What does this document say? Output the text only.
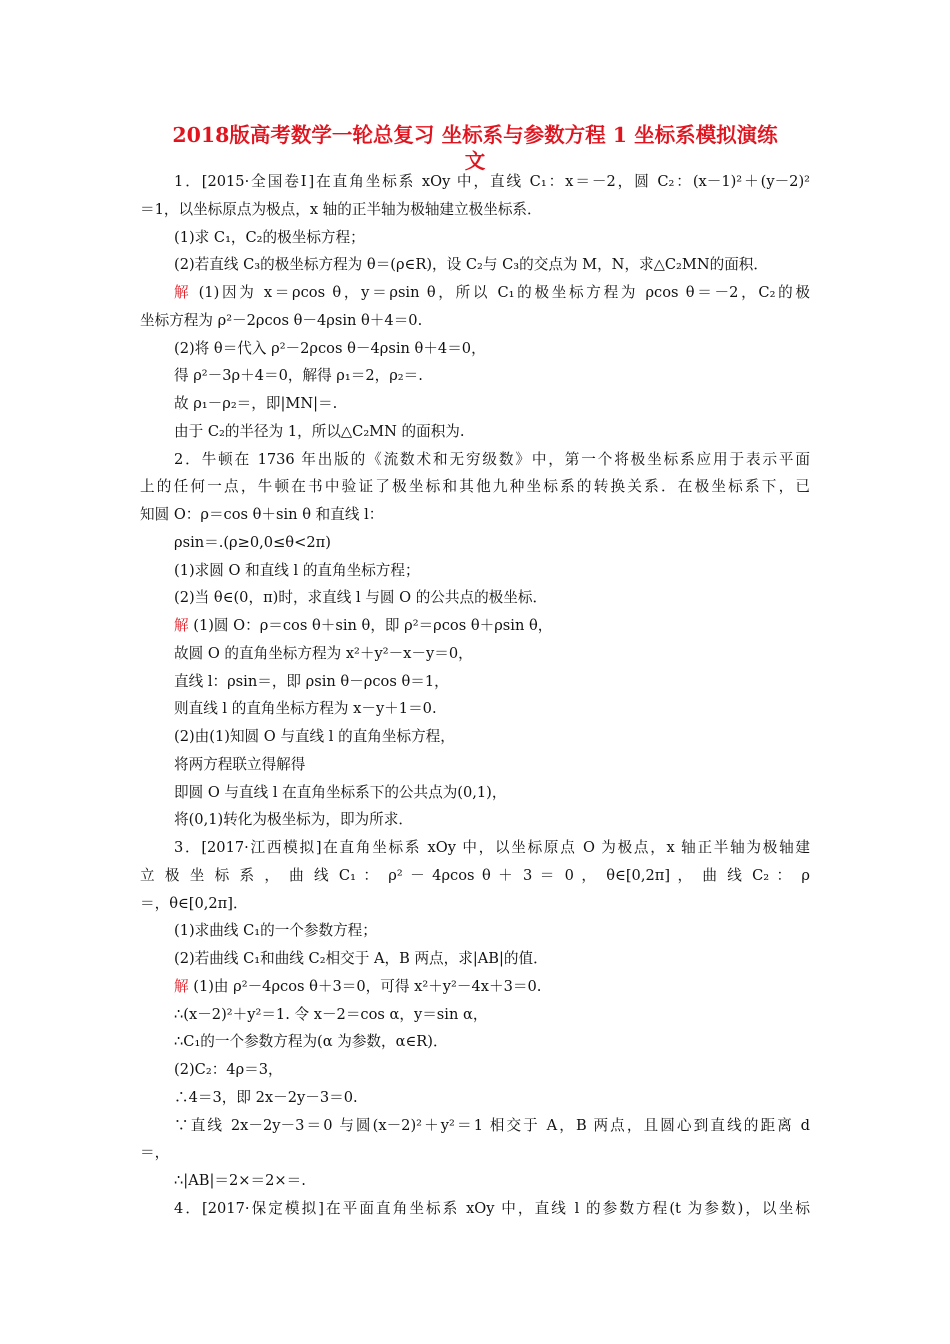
2018版高考数学一轮总复习 坐标系与参数方程 1 坐标系模拟演练
文
1．[2015·全国卷Ⅰ]在直角坐标系 xOy 中，直线 C₁：x＝－2，圆 C₂：(x－1)²＋(y－2)²
＝1，以坐标原点为极点，x 轴的正半轴为极轴建立极坐标系．
(1)求 C₁，C₂的极坐标方程；
(2)若直线 C₃的极坐标方程为 θ＝(ρ∈R)，设 C₂与 C₃的交点为 M，N，求△C₂MN的面积．
解 (1)因为 x＝ρcos θ，y＝ρsin θ，所以 C₁的极坐标方程为 ρcos θ＝－2，C₂的极
坐标方程为 ρ²－2ρcos θ－4ρsin θ＋4＝0.
(2)将 θ＝代入 ρ²－2ρcos θ－4ρsin θ＋4＝0，
得 ρ²－3ρ＋4＝0，解得 ρ₁＝2，ρ₂＝.
故 ρ₁－ρ₂＝，即|MN|＝.
由于 C₂的半径为 1，所以△C₂MN 的面积为.
2．牛顿在 1736 年出版的《流数术和无穷级数》中，第一个将极坐标系应用于表示平面
上的任何一点，牛顿在书中验证了极坐标和其他九种坐标系的转换关系．在极坐标系下，已
知圆 O：ρ＝cos θ＋sin θ 和直线 l：
ρsin＝.(ρ≥0,0≤θ<2π)
(1)求圆 O 和直线 l 的直角坐标方程；
(2)当 θ∈(0，π)时，求直线 l 与圆 O 的公共点的极坐标．
解 (1)圆 O：ρ＝cos θ＋sin θ，即 ρ²＝ρcos θ＋ρsin θ，
故圆 O 的直角坐标方程为 x²＋y²－x－y＝0，
直线 l：ρsin＝，即 ρsin θ－ρcos θ＝1，
则直线 l 的直角坐标方程为 x－y＋1＝0.
(2)由(1)知圆 O 与直线 l 的直角坐标方程，
将两方程联立得解得
即圆 O 与直线 l 在直角坐标系下的公共点为(0,1)，
将(0,1)转化为极坐标为，即为所求．
3．[2017·江西模拟]在直角坐标系 xOy 中，以坐标原点 O 为极点，x 轴正半轴为极轴建
立 极 坐 标 系 ， 曲 线 C₁ ： ρ² － 4ρcos θ ＋ 3 ＝ 0 ， θ∈[0,2π] ， 曲 线 C₂ ： ρ
＝，θ∈[0,2π]．
(1)求曲线 C₁的一个参数方程；
(2)若曲线 C₁和曲线 C₂相交于 A，B 两点，求|AB|的值．
解 (1)由 ρ²－4ρcos θ＋3＝0，可得 x²＋y²－4x＋3＝0.
∴(x－2)²＋y²＝1. 令 x－2＝cos α，y＝sin α，
∴C₁的一个参数方程为(α 为参数，α∈R)．
(2)C₂：4ρ＝3，
∴4＝3，即 2x－2y－3＝0.
∵直线 2x－2y－3＝0 与圆(x－2)²＋y²＝1 相交于 A，B 两点，且圆心到直线的距离 d
＝，
∴|AB|＝2×＝2×＝.
4．[2017·保定模拟]在平面直角坐标系 xOy 中，直线 l 的参数方程(t 为参数)，以坐标
